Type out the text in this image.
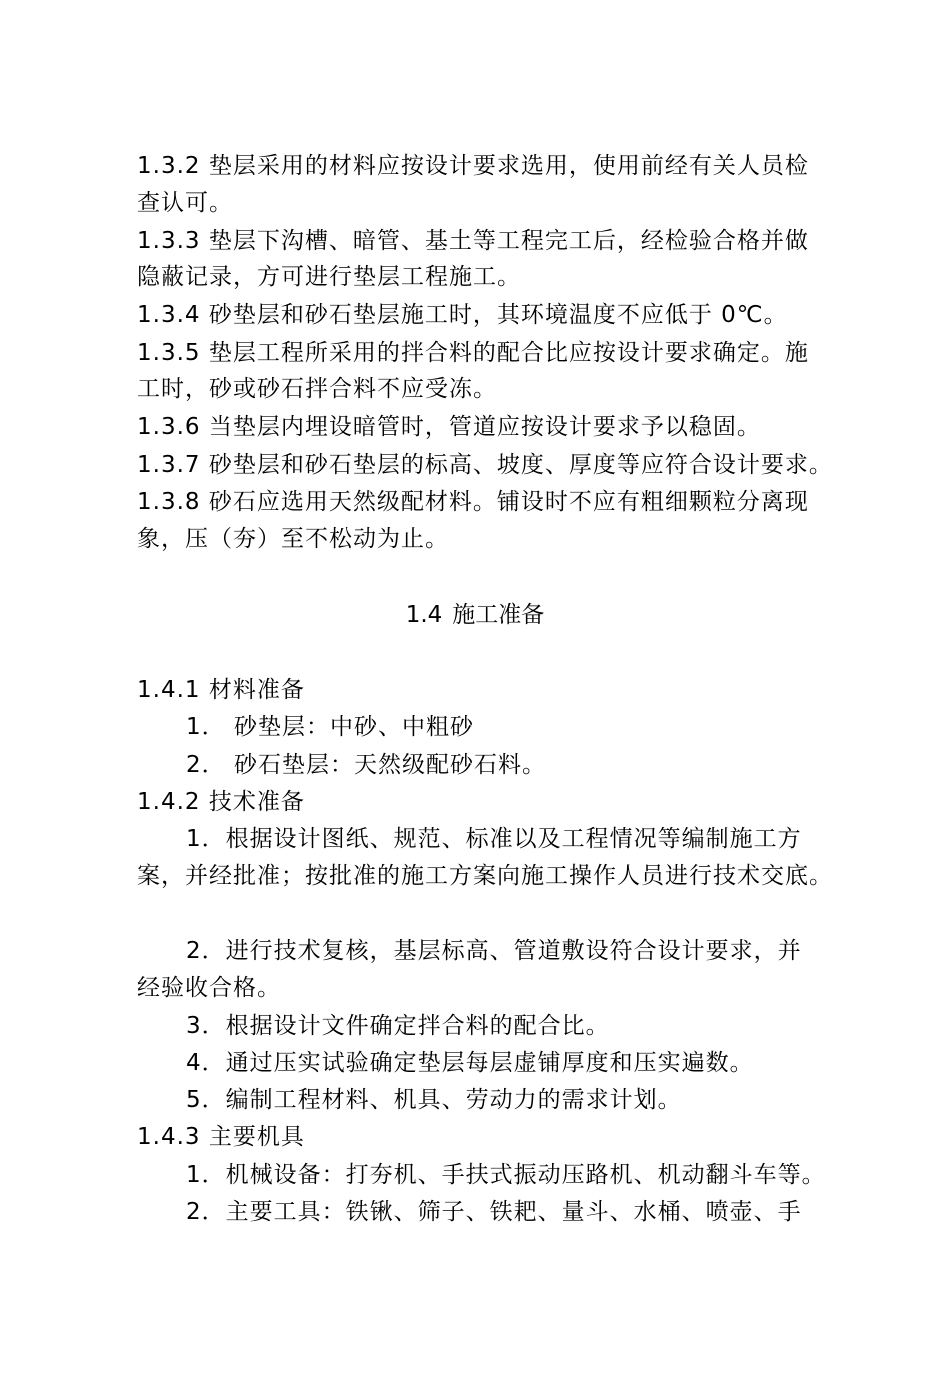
1.3.2 垫层采用的材料应按设计要求选用，使用前经有关人员检
查认可。
1.3.3 垫层下沟槽、暗管、基土等工程完工后，经检验合格并做
隐蔽记录，方可进行垫层工程施工。
1.3.4 砂垫层和砂石垫层施工时，其环境温度不应低于 0℃。
1.3.5 垫层工程所采用的拌合料的配合比应按设计要求确定。施
工时，砂或砂石拌合料不应受冻。
1.3.6 当垫层内埋设暗管时，管道应按设计要求予以稳固。
1.3.7 砂垫层和砂石垫层的标高、坡度、厚度等应符合设计要求。
1.3.8 砂石应选用天然级配材料。铺设时不应有粗细颗粒分离现
象，压（夯）至不松动为止。
1.4 施工准备
1.4.1 材料准备
1． 砂垫层：中砂、中粗砂
2． 砂石垫层：天然级配砂石料。
1.4.2 技术准备
1．根据设计图纸、规范、标准以及工程情况等编制施工方
案，并经批准；按批准的施工方案向施工操作人员进行技术交底。
2．进行技术复核，基层标高、管道敷设符合设计要求，并
经验收合格。
3．根据设计文件确定拌合料的配合比。
4．通过压实试验确定垫层每层虚铺厚度和压实遍数。
5．编制工程材料、机具、劳动力的需求计划。
1.4.3 主要机具
1．机械设备：打夯机、手扶式振动压路机、机动翻斗车等。
2．主要工具：铁锹、筛子、铁耙、量斗、水桶、喷壶、手
